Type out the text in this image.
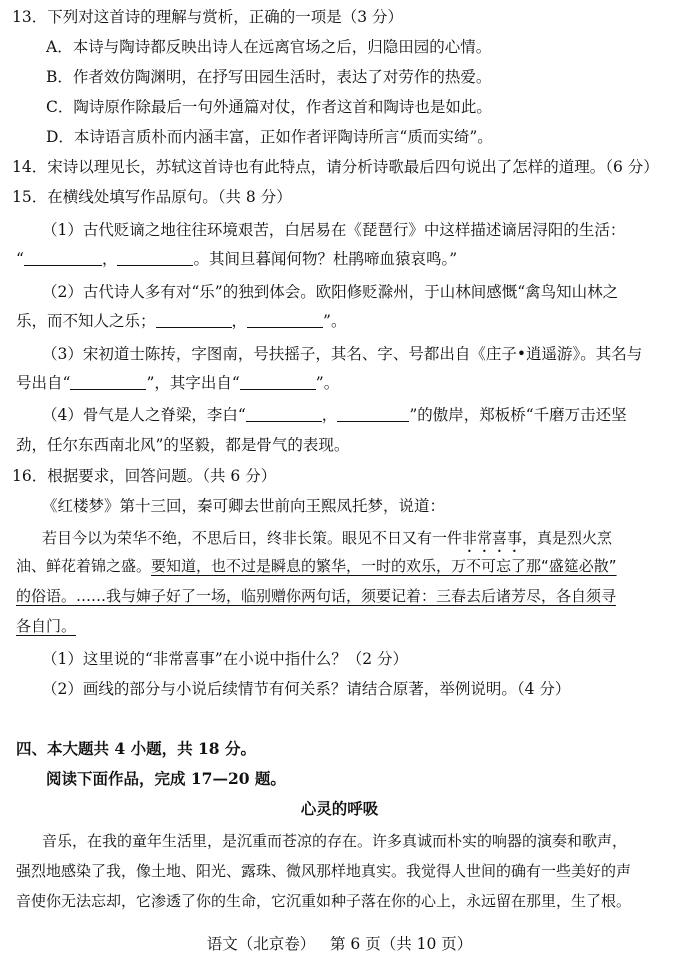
13．下列对这首诗的理解与赏析，正确的一项是（3 分）
A．本诗与陶诗都反映出诗人在远离官场之后，归隐田园的心情。
B．作者效仿陶渊明，在抒写田园生活时，表达了对劳作的热爱。
C．陶诗原作除最后一句外通篇对仗，作者这首和陶诗也是如此。
D．本诗语言质朴而内涵丰富，正如作者评陶诗所言“质而实绮”。
14．宋诗以理见长，苏轼这首诗也有此特点，请分析诗歌最后四句说出了怎样的道理。（6 分）
15．在横线处填写作品原句。（共 8 分）
（1）古代贬谪之地往往环境艰苦，白居易在《琵琶行》中这样描述谪居浔阳的生活：
“	，	。其间旦暮闻何物？杜鹃啼血猿哀鸣。”
（2）古代诗人多有对“乐”的独到体会。欧阳修贬滁州，于山林间感慨“禽鸟知山林之
乐，而不知人之乐；	，	”。
（3）宋初道士陈抟，字图南，号扶摇子，其名、字、号都出自《庄子•逍遥游》。其名与
号出自“	”，其字出自“	”。
（4）骨气是人之脊梁，李白“	，	”的傲岸，郑板桥“千磨万击还坚
劲，任尔东西南北风”的坚毅，都是骨气的表现。
16．根据要求，回答问题。（共 6 分）
《红楼梦》第十三回，秦可卿去世前向王熙凤托梦，说道：
若目今以为荣华不绝，不思后日，终非长策。眼见不日又有一件非常喜事，真是烈火烹
油、鲜花着锦之盛。要知道，也不过是瞬息的繁华，一时的欢乐，万不可忘了那“盛筵必散”
的俗语。……我与婶子好了一场，临别赠你两句话，须要记着：三春去后诸芳尽，各自须寻
各自门。
（1）这里说的“非常喜事”在小说中指什么？（2 分）
（2）画线的部分与小说后续情节有何关系？请结合原著，举例说明。（4 分）
四、本大题共 4 小题，共 18 分。
阅读下面作品，完成 17—20 题。
心灵的呼吸
音乐，在我的童年生活里，是沉重而苍凉的存在。许多真诚而朴实的响器的演奏和歌声，
强烈地感染了我，像土地、阳光、露珠、微风那样地真实。我觉得人世间的确有一些美好的声
音使你无法忘却，它渗透了你的生命，它沉重如种子落在你的心上，永远留在那里，生了根。
语文（北京卷）   第 6 页（共 10 页）
